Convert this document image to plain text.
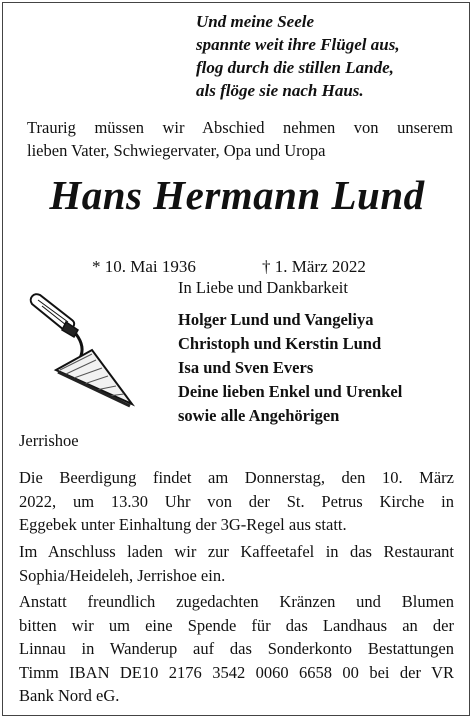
Und meine Seele
spannte weit ihre Flügel aus,
flog durch die stillen Lande,
als flöge sie nach Haus.
Traurig müssen wir Abschied nehmen von unserem
lieben Vater, Schwiegervater, Opa und Uropa
Hans Hermann Lund
* 10. Mai 1936	† 1. März 2022
In Liebe und Dankbarkeit
Holger Lund und Vangeliya
Christoph und Kerstin Lund
Isa und Sven Evers
Deine lieben Enkel und Urenkel
sowie alle Angehörigen
Jerrishoe
Die Beerdigung findet am Donnerstag, den 10. März
2022, um 13.30 Uhr von der St. Petrus Kirche in
Eggebek unter Einhaltung der 3G-Regel aus statt.
Im Anschluss laden wir zur Kaffeetafel in das Restaurant
Sophia/Heideleh, Jerrishoe ein.
Anstatt freundlich zugedachten Kränzen und Blumen
bitten wir um eine Spende für das Landhaus an der
Linnau in Wanderup auf das Sonderkonto Bestattungen
Timm IBAN DE10 2176 3542 0060 6658 00 bei der VR
Bank Nord eG.
